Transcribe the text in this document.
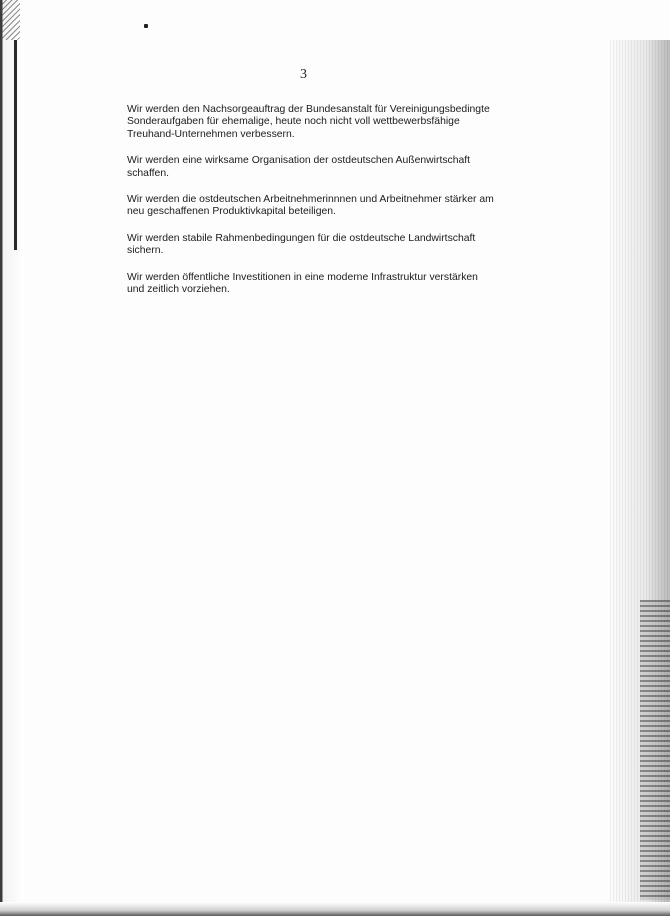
3

Wir werden den Nachsorgeauftrag der Bundesanstalt für Vereinigungsbedingte
Sonderaufgaben für ehemalige, heute noch nicht voll wettbewerbsfähige
Treuhand-Unternehmen verbessern.

Wir werden eine wirksame Organisation der ostdeutschen Außenwirtschaft
schaffen.

Wir werden die ostdeutschen Arbeitnehmerinnnen und Arbeitnehmer stärker am
neu geschaffenen Produktivkapital beteiligen.

Wir werden stabile Rahmenbedingungen für die ostdeutsche Landwirtschaft
sichern.

Wir werden öffentliche Investitionen in eine moderne Infrastruktur verstärken
und zeitlich vorziehen.
